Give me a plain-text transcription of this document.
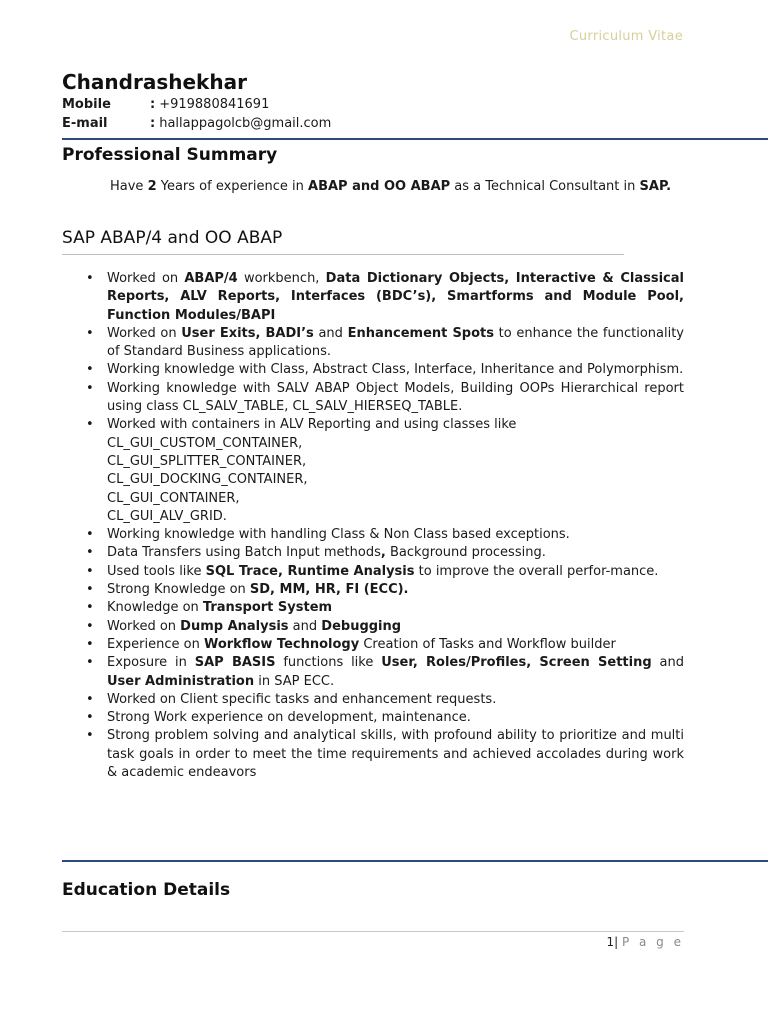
Curriculum Vitae
Chandrashekhar
Mobile	: +919880841691
E-mail	: hallappagolcb@gmail.com
Professional Summary
Have 2 Years of experience in ABAP and OO ABAP as a Technical Consultant in SAP.
SAP ABAP/4 and OO ABAP
• Worked on ABAP/4 workbench, Data Dictionary Objects, Interactive & Classical Reports, ALV Reports, Interfaces (BDC’s), Smartforms and Module Pool, Function Modules/BAPI
• Worked on User Exits, BADI’s and Enhancement Spots to enhance the functionality of Standard Business applications.
• Working knowledge with Class, Abstract Class, Interface, Inheritance and Polymorphism.
• Working knowledge with SALV ABAP Object Models, Building OOPs Hierarchical report using class CL_SALV_TABLE, CL_SALV_HIERSEQ_TABLE.
• Worked with containers in ALV Reporting and using classes like
CL_GUI_CUSTOM_CONTAINER,
CL_GUI_SPLITTER_CONTAINER,
CL_GUI_DOCKING_CONTAINER,
CL_GUI_CONTAINER,
CL_GUI_ALV_GRID.
• Working knowledge with handling Class & Non Class based exceptions.
• Data Transfers using Batch Input methods, Background processing.
• Used tools like SQL Trace, Runtime Analysis to improve the overall perfor-mance.
• Strong Knowledge on SD, MM, HR, FI (ECC).
• Knowledge on Transport System
• Worked on Dump Analysis and Debugging
• Experience on Workflow Technology Creation of Tasks and Workflow builder
• Exposure in SAP BASIS functions like User, Roles/Profiles, Screen Setting and User Administration in SAP ECC.
• Worked on Client specific tasks and enhancement requests.
• Strong Work experience on development, maintenance.
• Strong problem solving and analytical skills, with profound ability to prioritize and multi task goals in order to meet the time requirements and achieved accolades during work & academic endeavors
Education Details
1| P a g e
